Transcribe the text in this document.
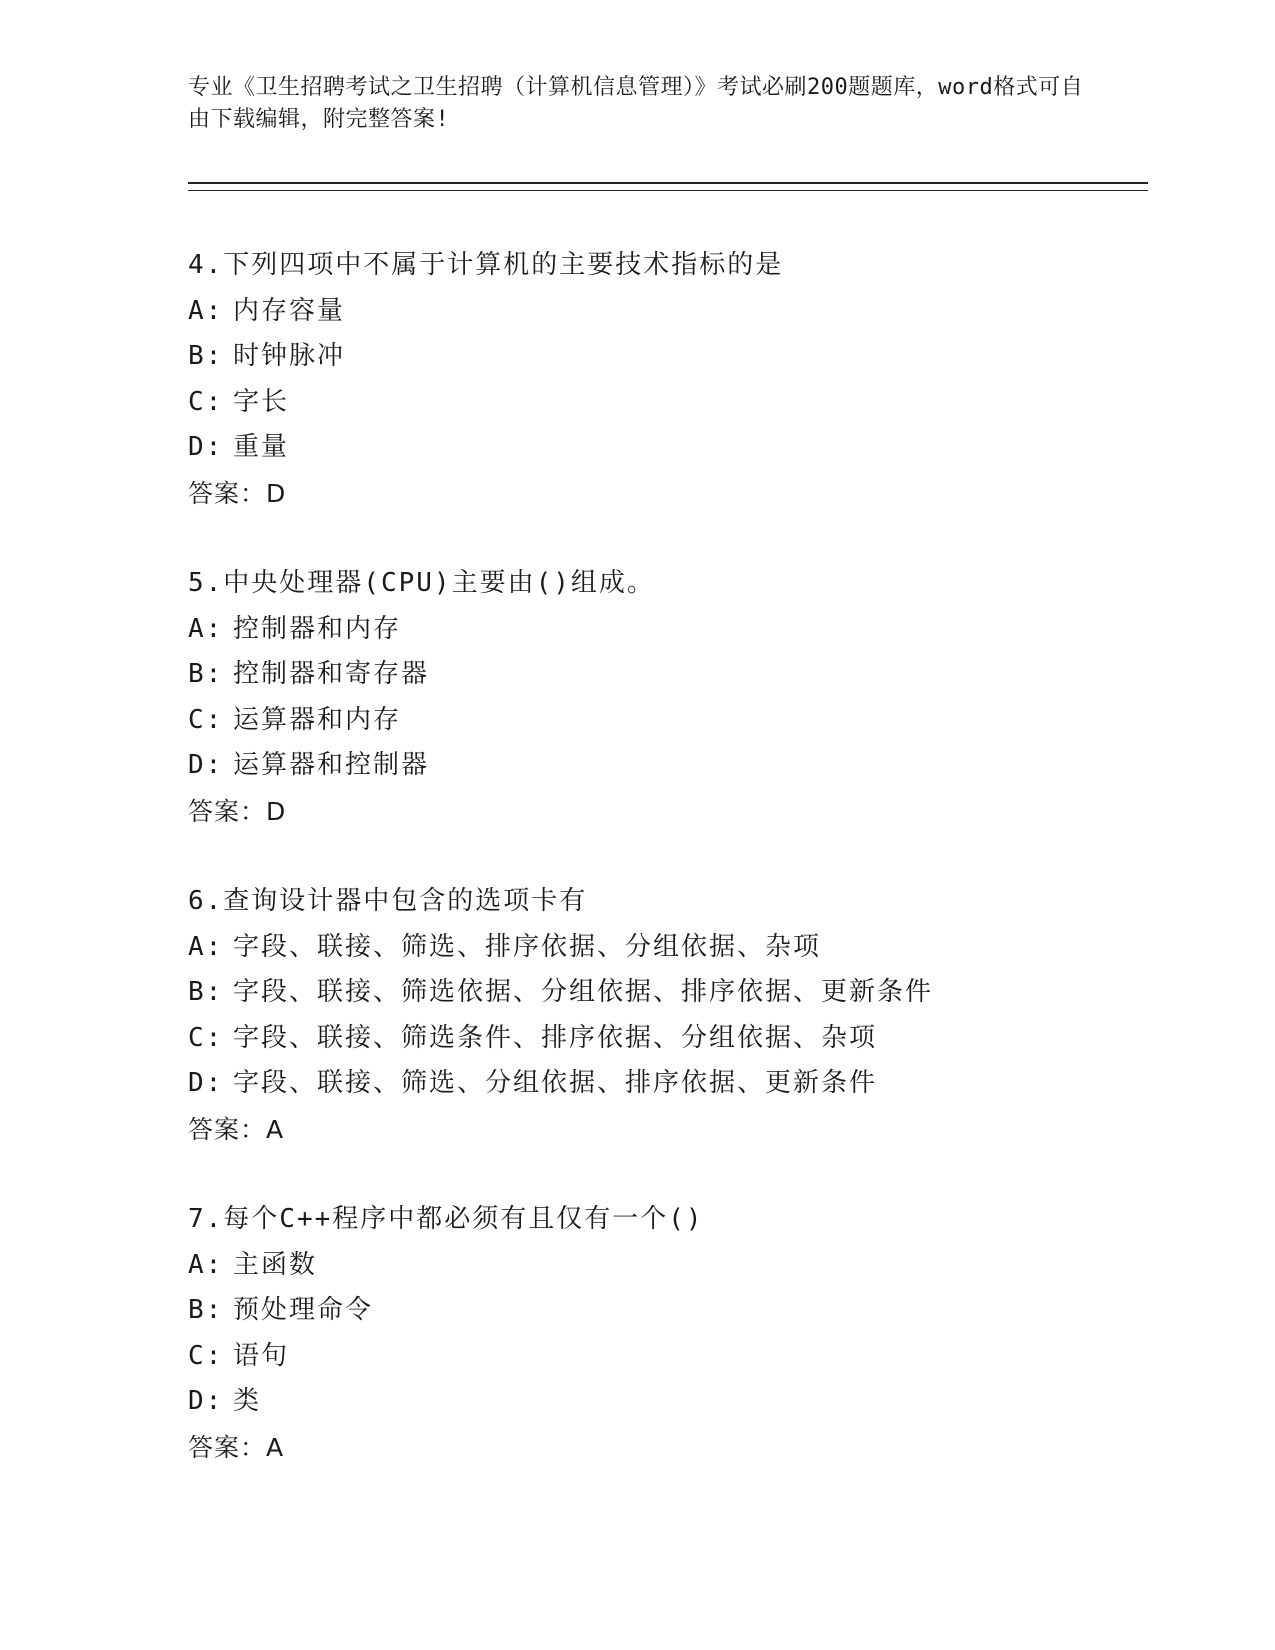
专业《卫生招聘考试之卫生招聘（计算机信息管理）》考试必刷200题题库，word格式可自由下载编辑，附完整答案!

4.下列四项中不属于计算机的主要技术指标的是
A: 内存容量
B: 时钟脉冲
C: 字长
D: 重量
答案：D
5.中央处理器(CPU)主要由()组成。
A: 控制器和内存
B: 控制器和寄存器
C: 运算器和内存
D: 运算器和控制器
答案：D
6.查询设计器中包含的选项卡有
A: 字段、联接、筛选、排序依据、分组依据、杂项
B: 字段、联接、筛选依据、分组依据、排序依据、更新条件
C: 字段、联接、筛选条件、排序依据、分组依据、杂项
D: 字段、联接、筛选、分组依据、排序依据、更新条件
答案：A
7.每个C++程序中都必须有且仅有一个()
A: 主函数
B: 预处理命令
C: 语句
D: 类
答案：A
